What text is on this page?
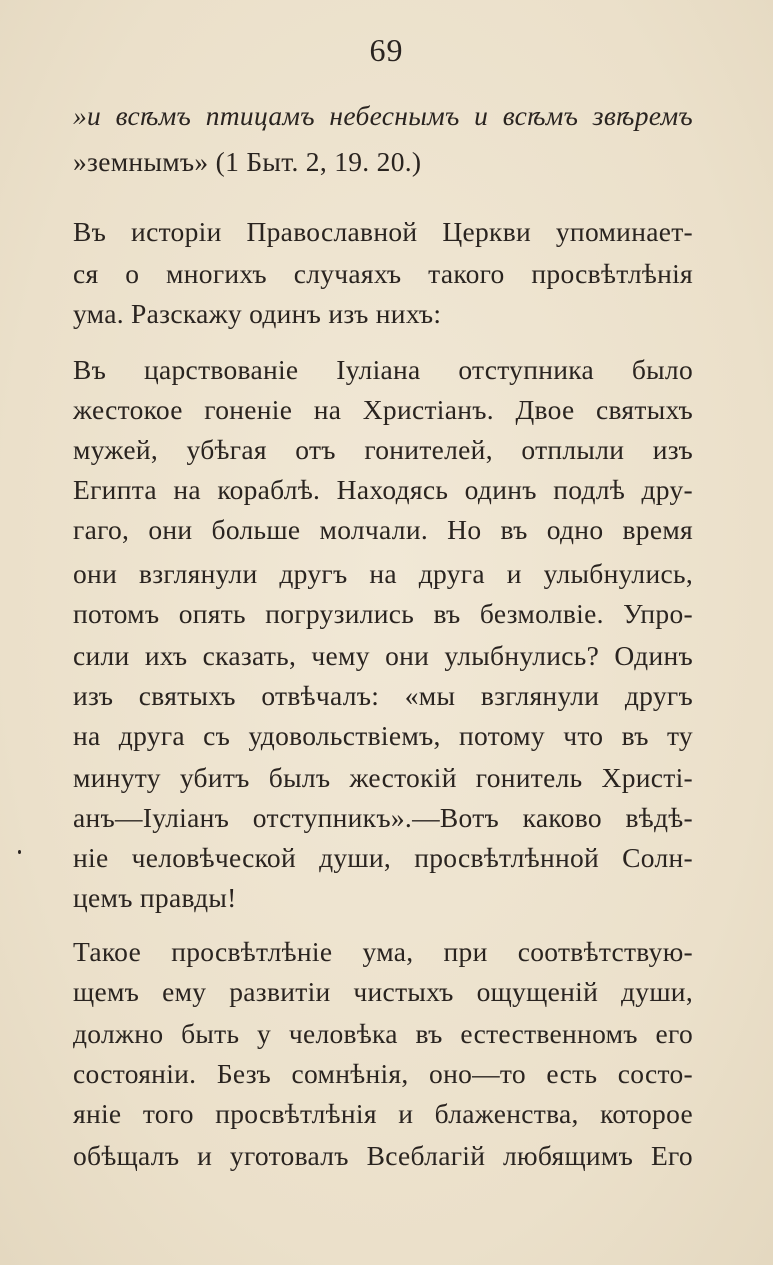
69
»и всѣмъ птицамъ небеснымъ и всѣмъ звѣремъ
»земнымъ» (1 Быт. 2, 19. 20.)
Въ исторіи Православной Церкви упоминает-
ся о многихъ случаяхъ такого просвѣтлѣнія
ума. Разскажу одинъ изъ нихъ:
Въ царствованіе Іуліана отступника было
жестокое гоненіе на Христіанъ. Двое святыхъ
мужей, убѣгая отъ гонителей, отплыли изъ
Египта на кораблѣ. Находясь одинъ подлѣ дру-
гаго, они больше молчали. Но въ одно время
они взглянули другъ на друга и улыбнулись,
потомъ опять погрузились въ безмолвіе. Упро-
сили ихъ сказать, чему они улыбнулись? Одинъ
изъ святыхъ отвѣчалъ: «мы взглянули другъ
на друга съ удовольствіемъ, потому что въ ту
минуту убитъ былъ жестокій гонитель Христі-
анъ—Іуліанъ отступникъ».—Вотъ каково вѣдѣ-
ніе человѣческой души, просвѣтлѣнной Солн-
цемъ правды!
Такое просвѣтлѣніе ума, при соотвѣтствую-
щемъ ему развитіи чистыхъ ощущеній души,
должно быть у человѣка въ естественномъ его
состояніи. Безъ сомнѣнія, оно—то есть состо-
яніе того просвѣтлѣнія и блаженства, которое
обѣщалъ и уготовалъ Всеблагій любящимъ Его
